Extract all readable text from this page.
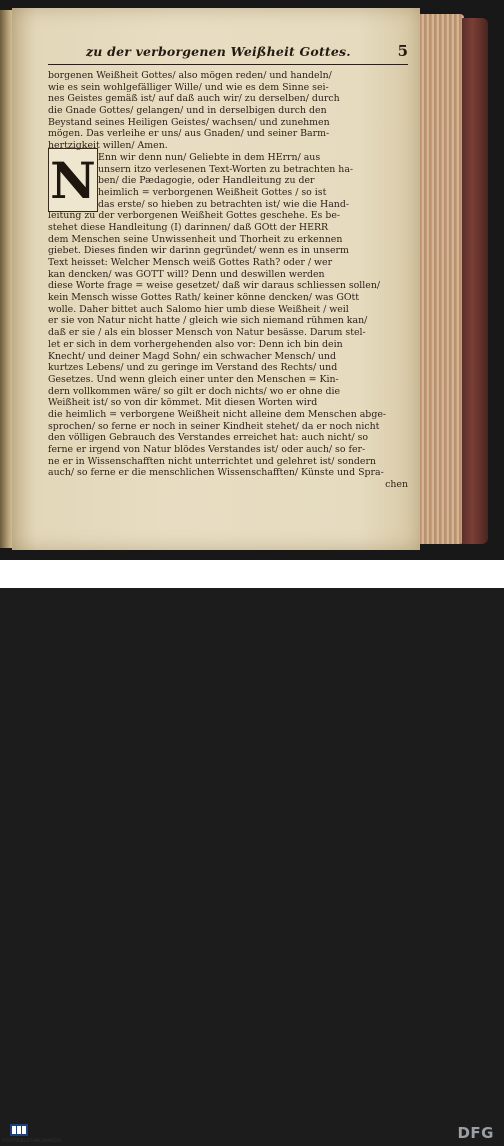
zu der verborgenen Weißheit Gottes.	5
N
borgenen Weißheit Gottes/ also mögen reden/ und handeln/
wie es sein wohlgefälliger Wille/ und wie es dem Sinne sei-
nes Geistes gemäß ist/ auf daß auch wir/ zu derselben/ durch
die Gnade Gottes/ gelangen/ und in derselbigen durch den
Beystand seines Heiligen Geistes/ wachsen/ und zunehmen
mögen. Das verleihe er uns/ aus Gnaden/ und seiner Barm-
hertzigkeit willen/ Amen.
Enn wir denn nun/ Geliebte in dem HErrn/ aus
unsern itzo verlesenen Text-Worten zu betrachten ha-
ben/ die Pædagogie, oder Handleitung zu der
heimlich = verborgenen Weißheit Gottes / so ist
das erste/ so hieben zu betrachten ist/ wie die Hand-
leitung zu der verborgenen Weißheit Gottes geschehe. Es be-
stehet diese Handleitung (I) darinnen/ daß GOtt der HERR
dem Menschen seine Unwissenheit und Thorheit zu erkennen
giebet. Dieses finden wir darinn gegründet/ wenn es in unserm
Text heisset: Welcher Mensch weiß Gottes Rath? oder / wer
kan dencken/ was GOTT will? Denn und deswillen werden
diese Worte frage = weise gesetzet/ daß wir daraus schliessen sollen/
kein Mensch wisse Gottes Rath/ keiner könne dencken/ was GOtt
wolle. Daher bittet auch Salomo hier umb diese Weißheit / weil
er sie von Natur nicht hatte / gleich wie sich niemand rühmen kan/
daß er sie / als ein blosser Mensch von Natur besässe. Darum stel-
let er sich in dem vorhergehenden also vor: Denn ich bin dein
Knecht/ und deiner Magd Sohn/ ein schwacher Mensch/ und
kurtzes Lebens/ und zu geringe im Verstand des Rechts/ und
Gesetzes. Und wenn gleich einer unter den Menschen = Kin-
dern vollkommen wäre/ so gilt er doch nichts/ wo er ohne die
Weißheit ist/ so von dir kömmet. Mit diesen Worten wird
die heimlich = verborgene Weißheit nicht alleine dem Menschen abge-
sprochen/ so ferne er noch in seiner Kindheit stehet/ da er noch nicht
den völligen Gebrauch des Verstandes erreichet hat: auch nicht/ so
ferne er irgend von Natur blödes Verstandes ist/ oder auch/ so fer-
ne er in Wissenschafften nicht unterrichtet und gelehret ist/ sondern
auch/ so ferne er die menschlichen Wissenschafften/ Künste und Spra-
chen
STAATSBIBLIOTHEK BAMBERG	DFG
